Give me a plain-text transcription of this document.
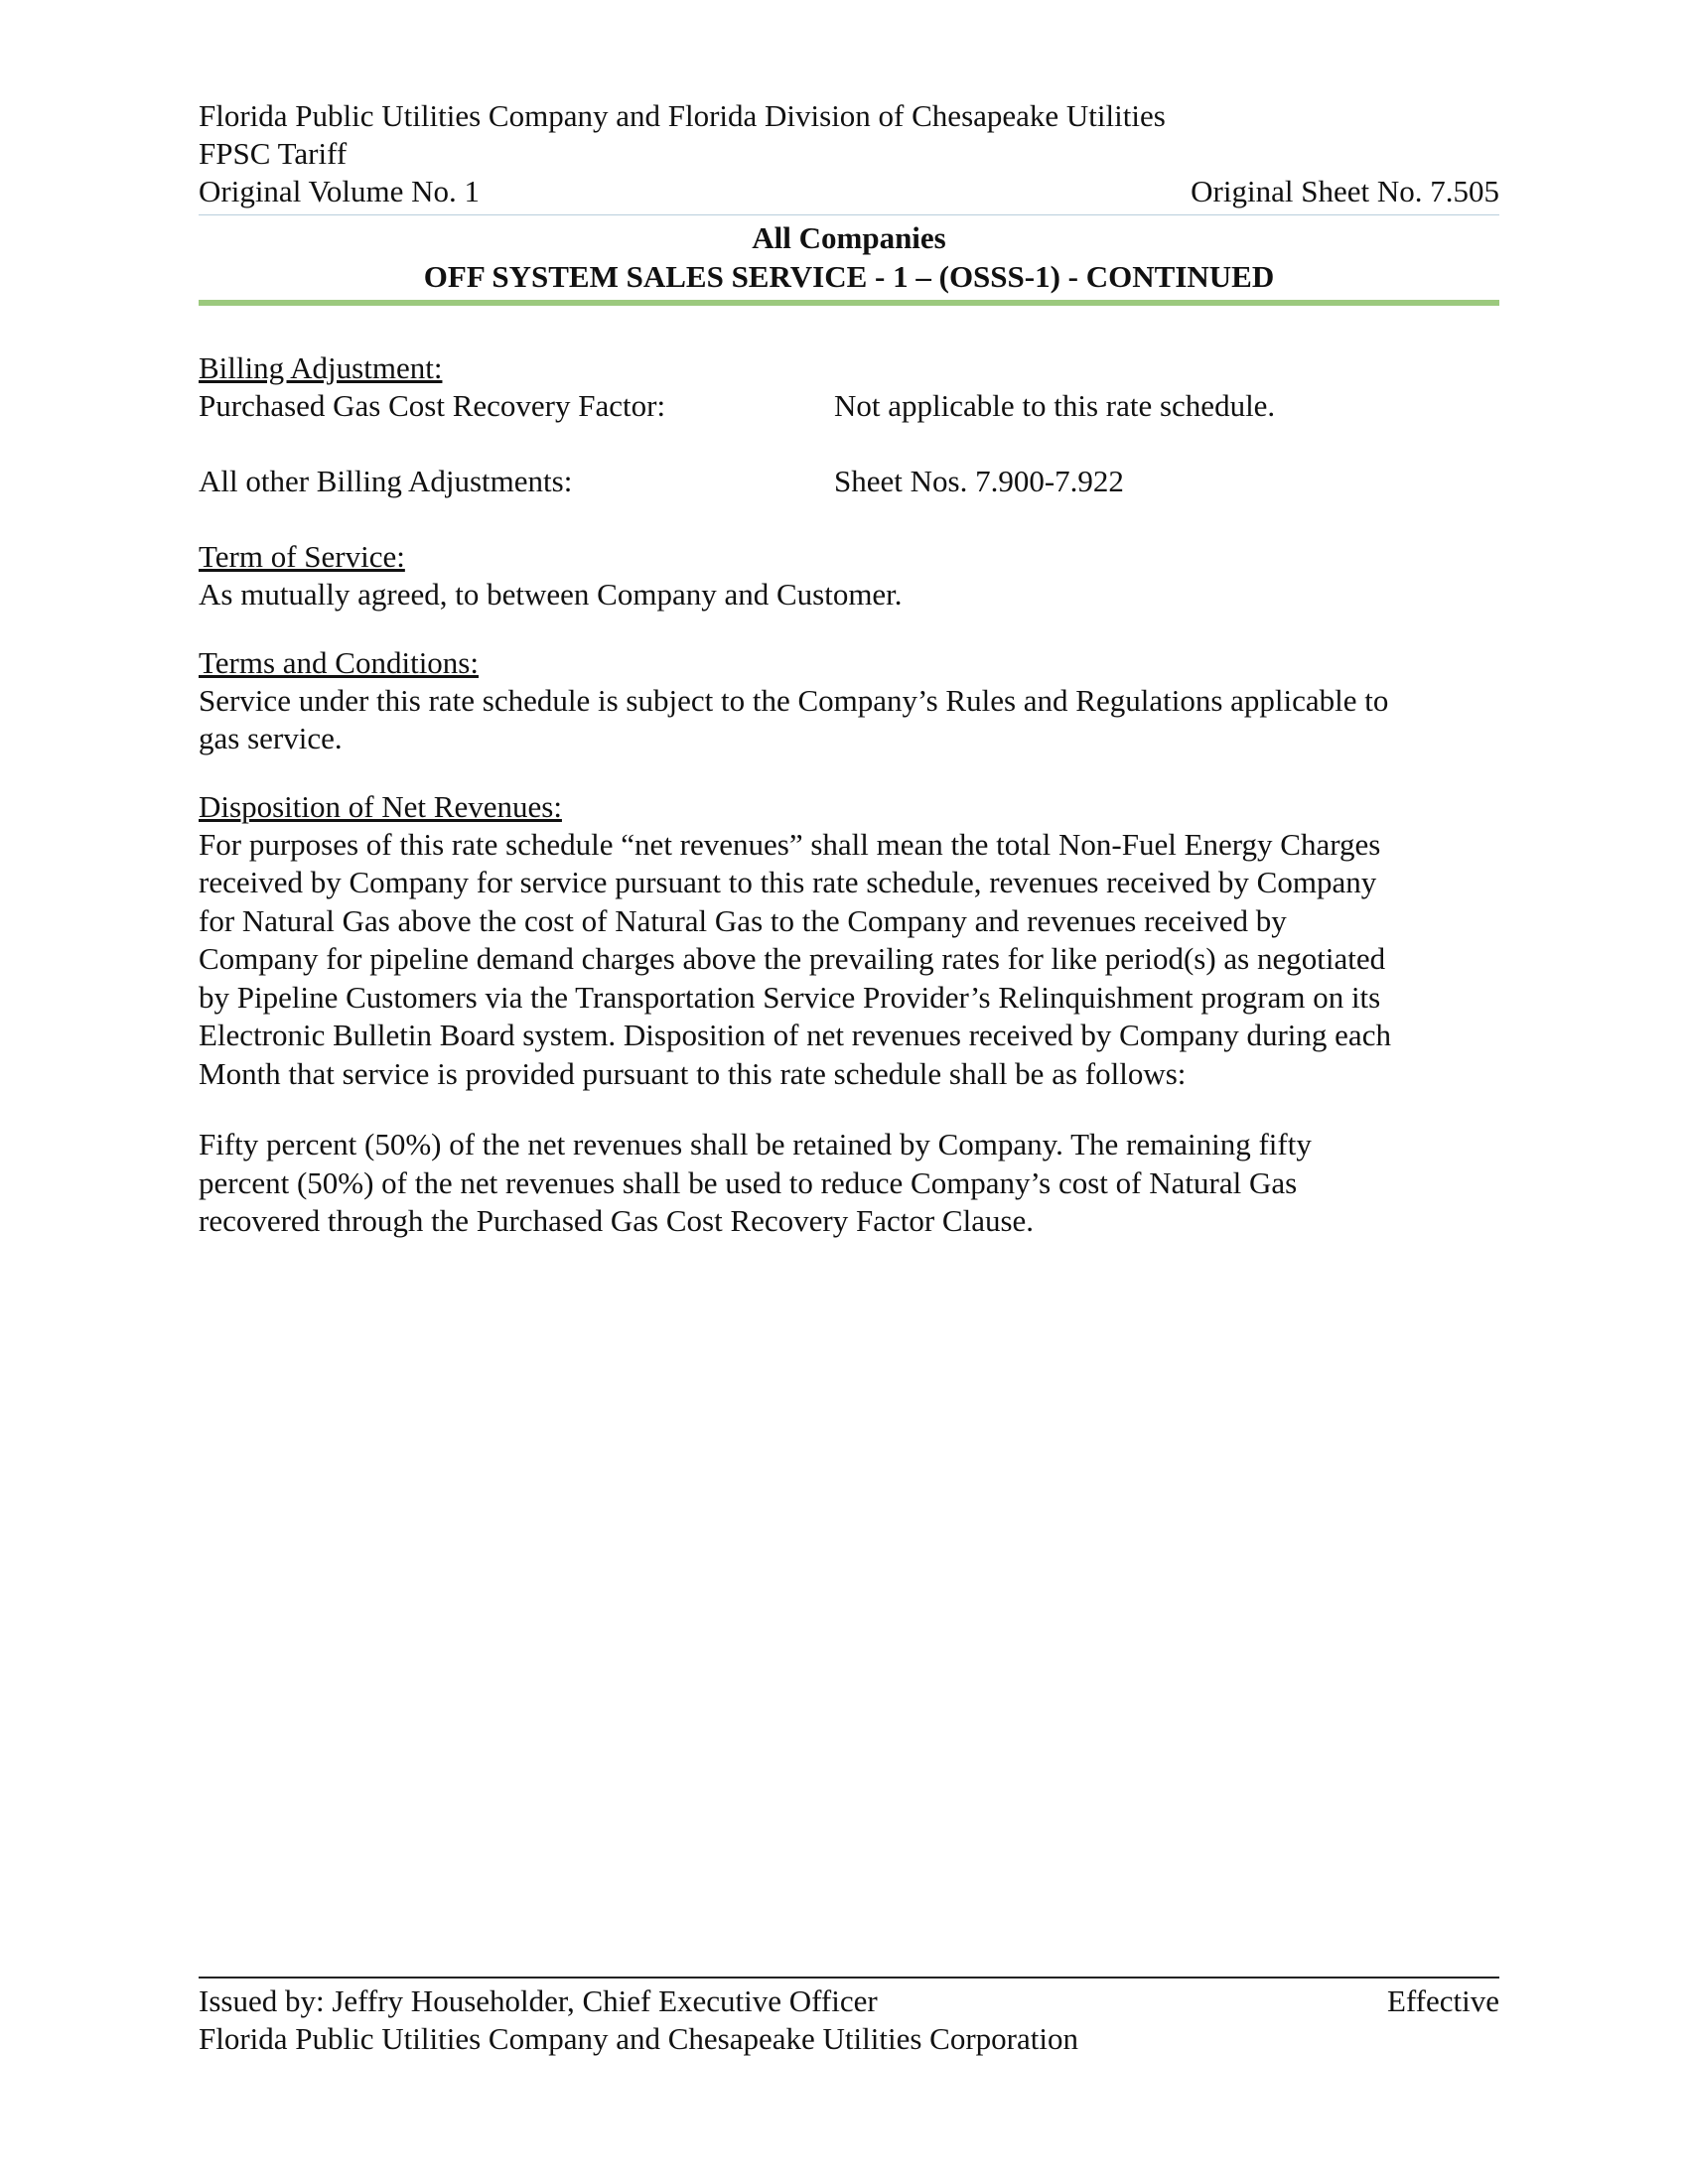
Florida Public Utilities Company and Florida Division of Chesapeake Utilities
FPSC Tariff
Original Volume No. 1	Original Sheet No. 7.505
All Companies
OFF SYSTEM SALES SERVICE - 1 – (OSSS-1) - CONTINUED
Billing Adjustment:
Purchased Gas Cost Recovery Factor:	Not applicable to this rate schedule.
All other Billing Adjustments:	Sheet Nos. 7.900-7.922
Term of Service:
As mutually agreed, to between Company and Customer.
Terms and Conditions:
Service under this rate schedule is subject to the Company’s Rules and Regulations applicable to
gas service.
Disposition of Net Revenues:
For purposes of this rate schedule “net revenues” shall mean the total Non-Fuel Energy Charges
received by Company for service pursuant to this rate schedule, revenues received by Company
for Natural Gas above the cost of Natural Gas to the Company and revenues received by
Company for pipeline demand charges above the prevailing rates for like period(s) as negotiated
by Pipeline Customers via the Transportation Service Provider’s Relinquishment program on its
Electronic Bulletin Board system. Disposition of net revenues received by Company during each
Month that service is provided pursuant to this rate schedule shall be as follows:
Fifty percent (50%) of the net revenues shall be retained by Company. The remaining fifty
percent (50%) of the net revenues shall be used to reduce Company’s cost of Natural Gas
recovered through the Purchased Gas Cost Recovery Factor Clause.
Issued by: Jeffry Householder, Chief Executive Officer	Effective
Florida Public Utilities Company and Chesapeake Utilities Corporation
